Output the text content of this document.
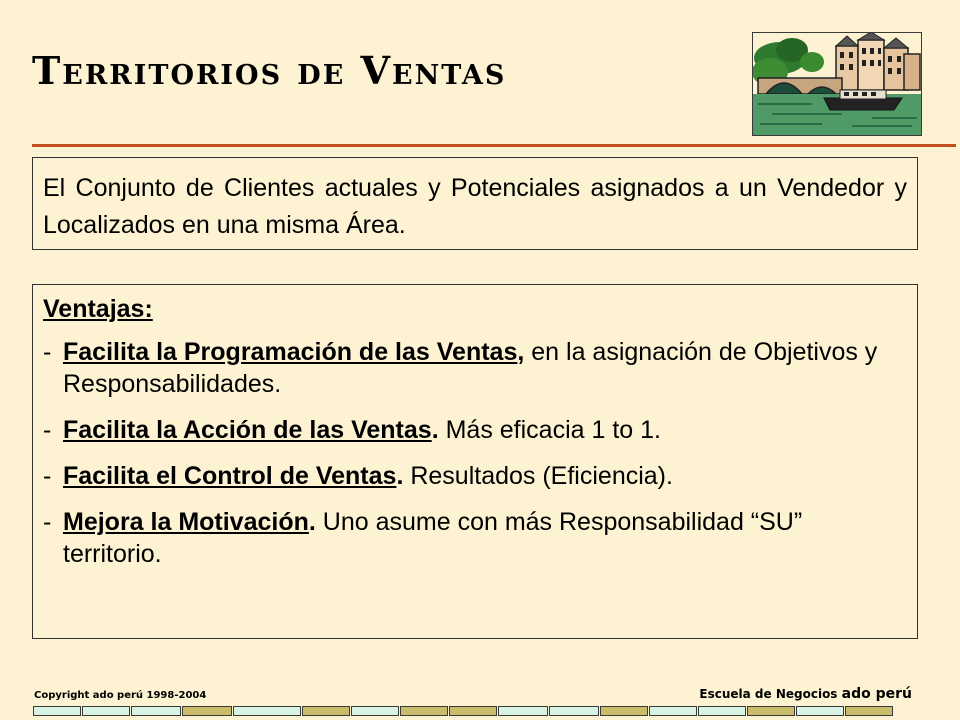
Territorios de Ventas
El Conjunto de Clientes actuales y Potenciales asignados a un Vendedor y Localizados en una misma Área.
Ventajas:
- Facilita la Programación de las Ventas, en la asignación de Objetivos y Responsabilidades.
- Facilita la Acción de las Ventas. Más eficacia 1 to 1.
- Facilita el Control de Ventas. Resultados (Eficiencia).
- Mejora la Motivación. Uno asume con más Responsabilidad “SU” territorio.
Copyright ado perú 1998-2004	Escuela de Negocios ado perú
